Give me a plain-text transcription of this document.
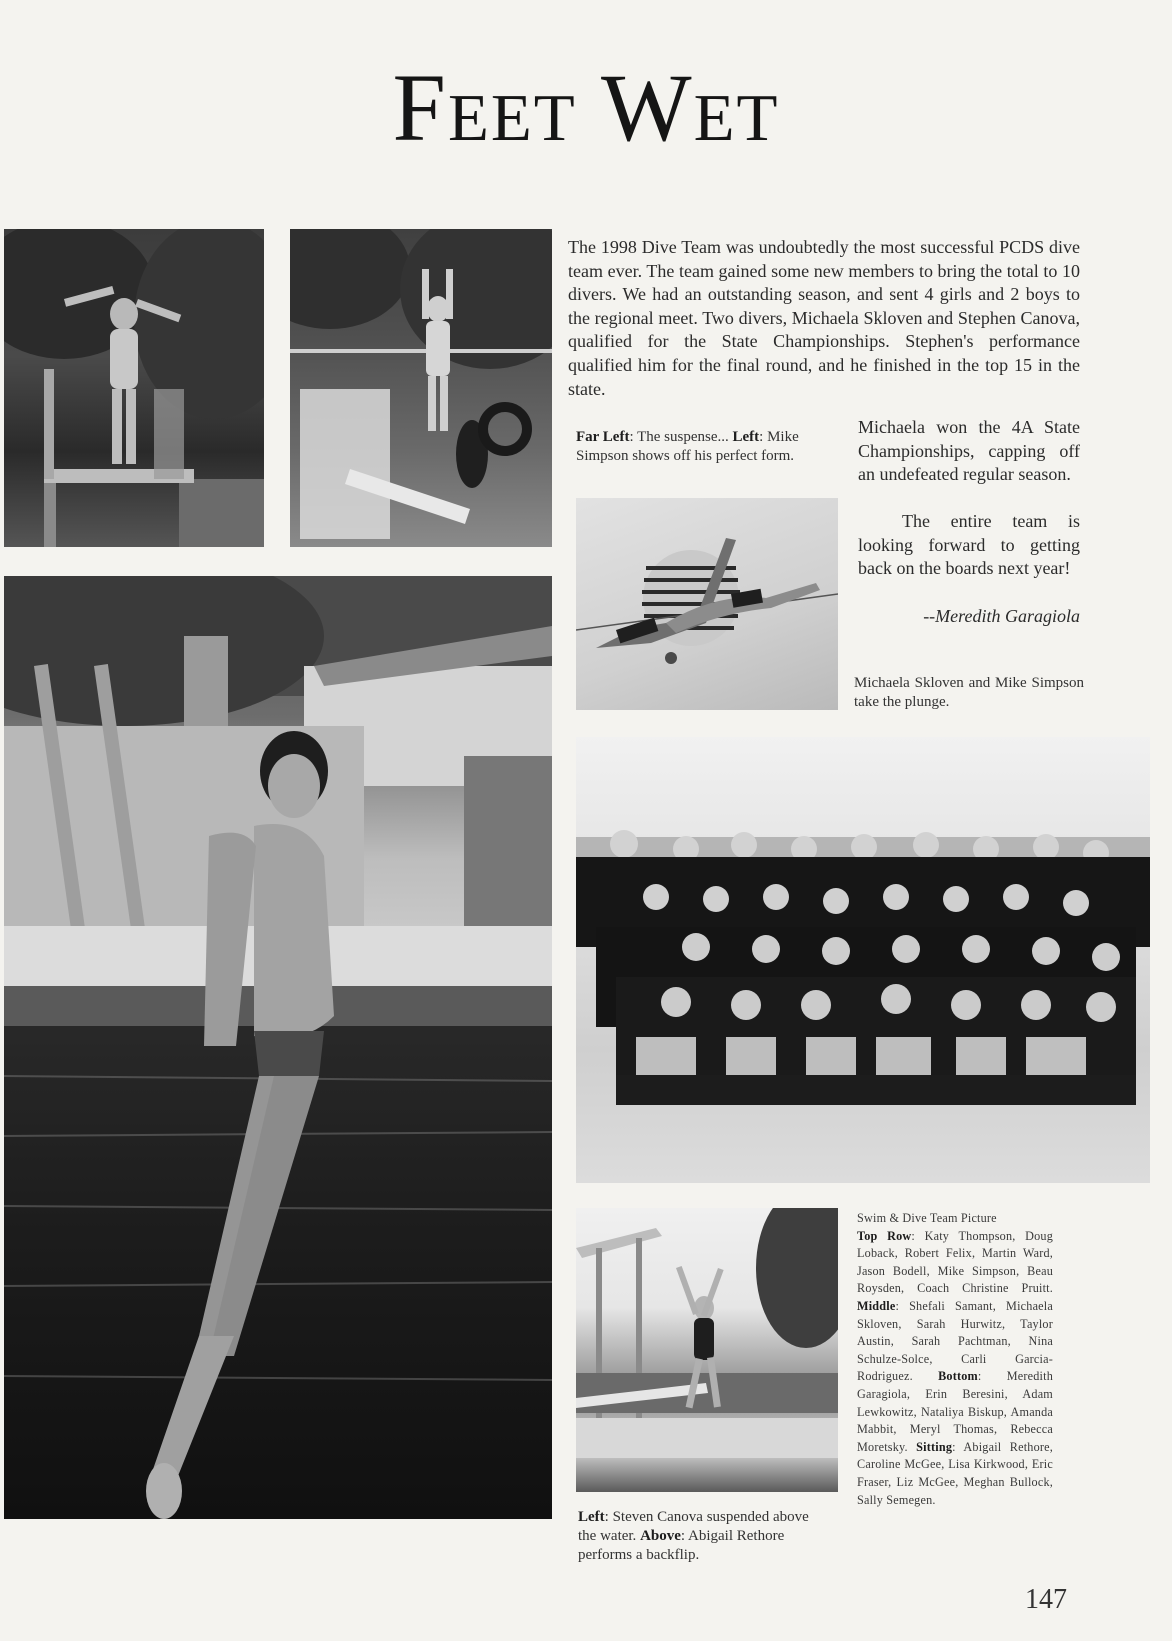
Feet Wet
The 1998 Dive Team was undoubtedly the most successful PCDS dive team ever. The team gained some new members to bring the total to 10 divers. We had an outstanding season, and sent 4 girls and 2 boys to the regional meet. Two divers, Michaela Skloven and Stephen Canova, qualified for the State Championships. Stephen's performance qualified him for the final round, and he finished in the top 15 in the state.
Far Left: The suspense... Left: Mike Simpson shows off his perfect form.
Michaela won the 4A State Championships, capping off an undefeated regular season.
The entire team is looking forward to getting back on the boards next year!
--Meredith Garagiola
Michaela Skloven and Mike Simpson take the plunge.
Left: Steven Canova suspended above the water. Above: Abigail Rethore performs a backflip.
Swim & Dive Team Picture
Top Row: Katy Thompson, Doug Loback, Robert Felix, Martin Ward, Jason Bodell, Mike Simpson, Beau Roysden, Coach Christine Pruitt. Middle: Shefali Samant, Michaela Skloven, Sarah Hurwitz, Taylor Austin, Sarah Pachtman, Nina Schulze-Solce, Carli Garcia-Rodriguez. Bottom: Meredith Garagiola, Erin Beresini, Adam Lewkowitz, Nataliya Biskup, Amanda Mabbit, Meryl Thomas, Rebecca Moretsky. Sitting: Abigail Rethore, Caroline McGee, Lisa Kirkwood, Eric Fraser, Liz McGee, Meghan Bullock, Sally Semegen.
147
